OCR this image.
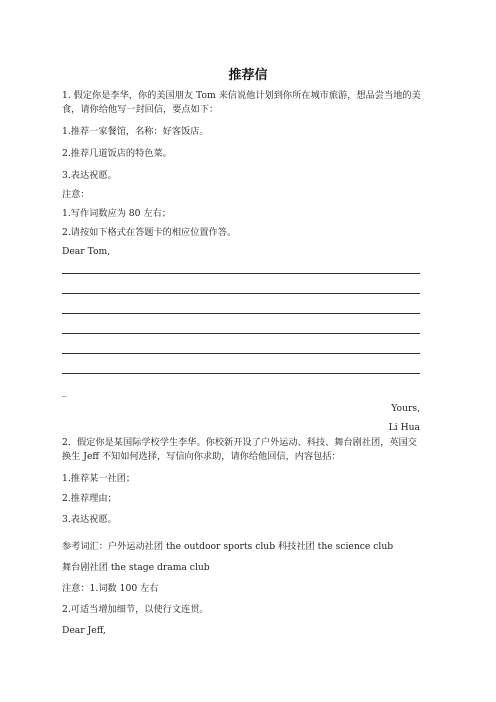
推荐信
1. 假定你是李华，你的美国朋友 Tom 来信说他计划到你所在城市旅游，想品尝当地的美食，请你给他写一封回信，要点如下：
1.推荐一家餐馆，名称：好客饭店。
2.推荐几道饭店的特色菜。
3.表达祝愿。
注意：
1.写作词数应为 80 左右；
2.请按如下格式在答题卡的相应位置作答。
Dear Tom,
_
Yours,
Li Hua
2．假定你是某国际学校学生李华。你校新开设了户外运动、科技、舞台剧社团，英国交换生 Jeff 不知如何选择，写信向你求助，请你给他回信，内容包括：
1.推荐某一社团；
2.推荐理由；
3.表达祝愿。
参考词汇：户外运动社团 the outdoor sports club 科技社团 the science club
舞台剧社团 the stage drama club
注意：1.词数 100 左右
2.可适当增加细节，以使行文连贯。
Dear Jeff,
